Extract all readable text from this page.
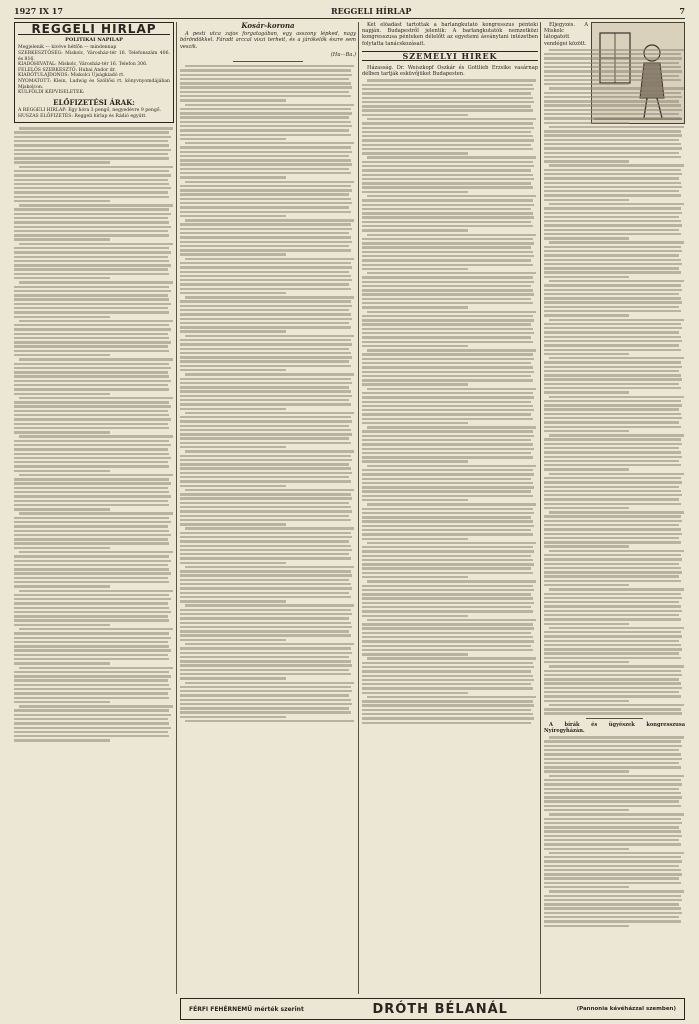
1927 IX 17	REGGELI HÍRLAP	7
REGGELI HIRLAP
POLITIKAI NAPILAP
Megjelenik — kivéve hétfőn — mindennap
SZERKESZTŐSÉG: Miskolc, Városház-tér 16. Telefonszám 406. és 816.
KIADÓHIVATAL: Miskolc, Városház-tér 16. Telefon 306.
FELELŐS SZERKESZTŐ: Hubai Andor dr.
KIADÓTULAJDONOS: Miskolci Újságkiadó rt.
NYOMATOTT: Klein, Ludwig és Szöllősi rt. könyvnyomdájában Miskolcon.
KÜLFÖLDI KÉPVISELETEK:
ELŐFIZETÉSI ÁRAK:
A REGGELI HIRLAP: Egy hóra 3 pengő, negyedévre 9 pengő.
HUSZAS ELŐFIZETÉS: Reggeli hírlap és Rádió együtt.
Kosár-korona

A pesti utca zajos forgatagában, egy asszony lépked, nagy bőröndökkel. Fáradt arccal viszi terheit, és a járókelők észre sem veszik.

(Hu—Ba.)

Két előadást tartottak a barlangkutató kongresszus pénteki napján. Budapestről jelentik: A barlangkutatók nemzetközi kongresszusa pénteken délelőtt az egyetemi ásványtani intézetben folytatta tanácskozásait.

SZEMÉLYI HIREK

Házasság. Dr. Weiszkopf Oszkár és Gottlieb Erzsike vasárnap délben tartják esküvőjüket Budapesten.

Eljegyzés. A Miskolc látogatott vendégei között.

A bírák és ügyészek kongresszusa Nyíregyházán.

FÉRFI FEHÉRNEMŰ mérték szerint	DRÓTH BÉLANÁL	(Pannonia kávéházzal szemben)
